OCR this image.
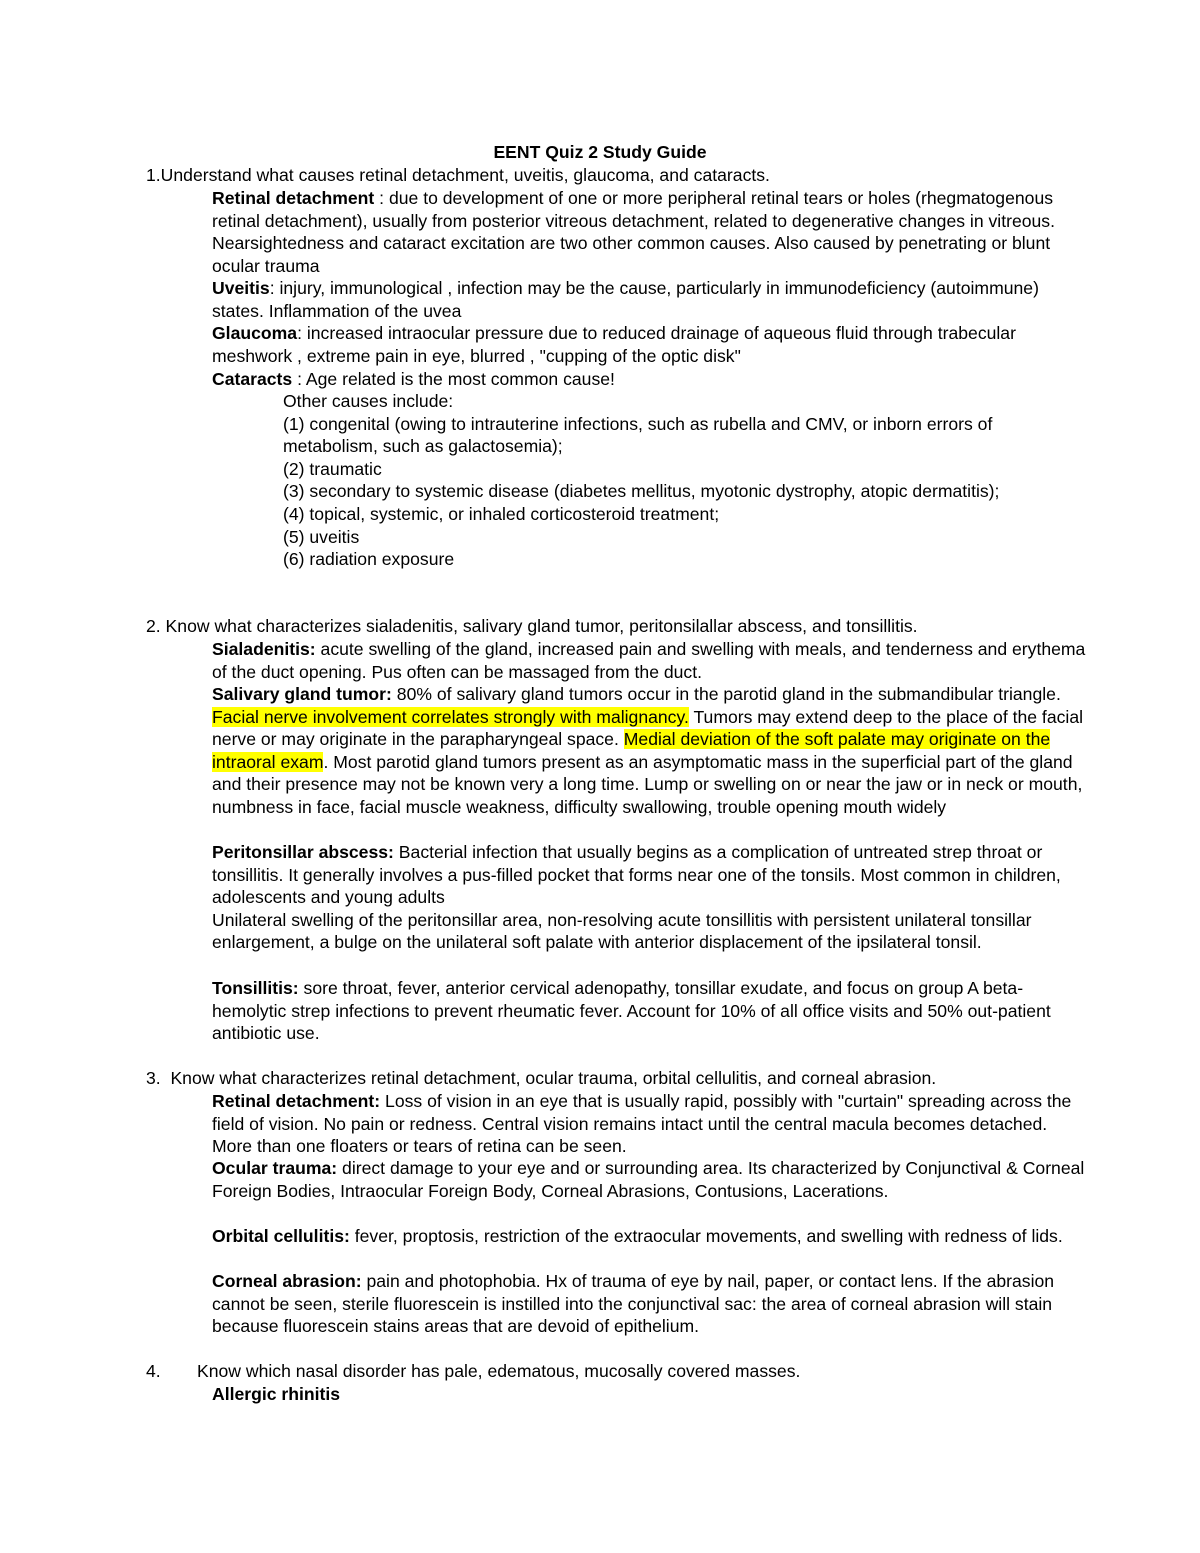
EENT Quiz 2 Study Guide
1.Understand what causes retinal detachment, uveitis, glaucoma, and cataracts.
Retinal detachment : due to development of one or more peripheral retinal tears or holes (rhegmatogenous retinal detachment), usually from posterior vitreous detachment, related to degenerative changes in vitreous. Nearsightedness and cataract excitation are two other common causes. Also caused by penetrating or blunt ocular trauma
Uveitis: injury, immunological , infection may be the cause, particularly in immunodeficiency (autoimmune) states. Inflammation of the uvea
Glaucoma: increased intraocular pressure due to reduced drainage of aqueous fluid through trabecular meshwork , extreme pain in eye, blurred , "cupping of the optic disk"
Cataracts : Age related is the most common cause!
Other causes include:
(1) congenital (owing to intrauterine infections, such as rubella and CMV, or inborn errors of metabolism, such as galactosemia);
(2) traumatic
(3) secondary to systemic disease (diabetes mellitus, myotonic dystrophy, atopic dermatitis);
(4) topical, systemic, or inhaled corticosteroid treatment;
(5) uveitis
(6) radiation exposure
2. Know what characterizes sialadenitis, salivary gland tumor, peritonsilallar abscess, and tonsillitis.
Sialadenitis: acute swelling of the gland, increased pain and swelling with meals, and tenderness and erythema of the duct opening. Pus often can be massaged from the duct.
Salivary gland tumor: 80% of salivary gland tumors occur in the parotid gland in the submandibular triangle. Facial nerve involvement correlates strongly with malignancy. Tumors may extend deep to the place of the facial nerve or may originate in the parapharyngeal space. Medial deviation of the soft palate may originate on the intraoral exam. Most parotid gland tumors present as an asymptomatic mass in the superficial part of the gland and their presence may not be known very a long time. Lump or swelling on or near the jaw or in neck or mouth, numbness in face, facial muscle weakness, difficulty swallowing, trouble opening mouth widely
Peritonsillar abscess: Bacterial infection that usually begins as a complication of untreated strep throat or tonsillitis. It generally involves a pus-filled pocket that forms near one of the tonsils. Most common in children, adolescents and young adults
Unilateral swelling of the peritonsillar area, non-resolving acute tonsillitis with persistent unilateral tonsillar enlargement, a bulge on the unilateral soft palate with anterior displacement of the ipsilateral tonsil.
Tonsillitis: sore throat, fever, anterior cervical adenopathy, tonsillar exudate, and focus on group A beta-hemolytic strep infections to prevent rheumatic fever. Account for 10% of all office visits and 50% out-patient antibiotic use.
3.  Know what characterizes retinal detachment, ocular trauma, orbital cellulitis, and corneal abrasion.
Retinal detachment: Loss of vision in an eye that is usually rapid, possibly with "curtain" spreading across the field of vision. No pain or redness. Central vision remains intact until the central macula becomes detached. More than one floaters or tears of retina can be seen.
Ocular trauma: direct damage to your eye and or surrounding area. Its characterized by Conjunctival & Corneal Foreign Bodies, Intraocular Foreign Body, Corneal Abrasions, Contusions, Lacerations.
Orbital cellulitis: fever, proptosis, restriction of the extraocular movements, and swelling with redness of lids.
Corneal abrasion: pain and photophobia. Hx of trauma of eye by nail, paper, or contact lens. If the abrasion cannot be seen, sterile fluorescein is instilled into the conjunctival sac: the area of corneal abrasion will stain because fluorescein stains areas that are devoid of epithelium.
4. Know which nasal disorder has pale, edematous, mucosally covered masses.
Allergic rhinitis
